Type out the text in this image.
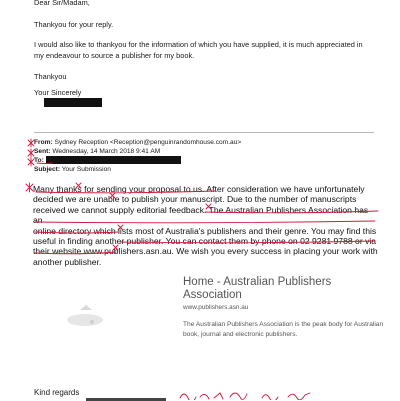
Dear Sir/Madam,
Thankyou for your reply.
I would also like to thankyou for the information of which you have supplied, it is much appreciated in my endeavour to source a publisher for my book.
Thankyou
Your Sincerely
From: Sydney Reception <Reception@penguinrandomhouse.com.au>
Sent: Wednesday, 14 March 2018 9:41 AM
To:
Subject: Your Submission
Many thanks for sending your proposal to us. After consideration we have unfortunately
decided we are unable to publish your manuscript. Due to the number of manuscripts
received we cannot supply editorial feedback. The Australian Publishers Association has an
online directory which lists most of Australia's publishers and their genre. You may find this
useful in finding another publisher. You can contact them by phone on 02 9281 9788 or via
their website www.publishers.asn.au. We wish you every success in placing your work with
another publisher.
Home - Australian Publishers Association
www.publishers.asn.au
The Australian Publishers Association is the peak body for Australian book, journal and electronic publishers.
Kind regards
